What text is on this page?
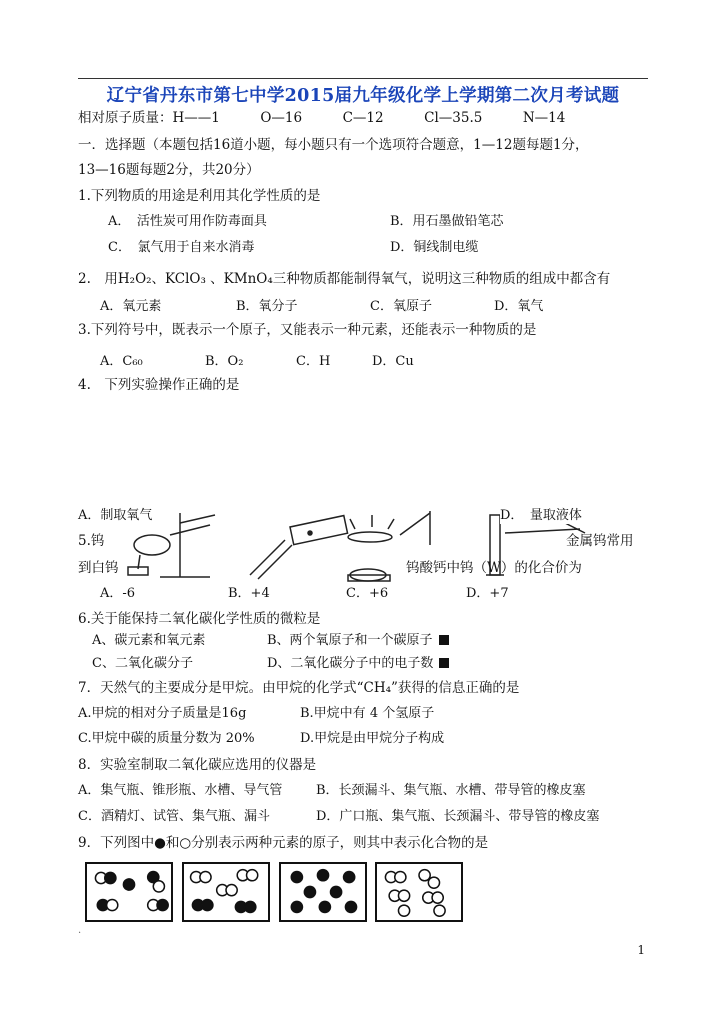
辽宁省丹东市第七中学2015届九年级化学上学期第二次月考试题
相对原子质量：H——1　　　O—16　　　C—12　　　Cl—35.5　　　N—14
一．选择题（本题包括16道小题，每小题只有一个选项符合题意，1—12题每题1分，
13—16题每题2分，共20分）
1.下列物质的用途是利用其化学性质的是
A．　活性炭可用作防毒面具	B．用石墨做铅笔芯
C．　氯气用于自来水消毒	D．铜线制电缆
2.　用H₂O₂、KClO₃ 、KMnO₄三种物质都能制得氧气，说明这三种物质的组成中都含有
A．氧元素	B．氧分子	C．氧原子	D．氧气
3.下列符号中，既表示一个原子，又能表示一种元素，还能表示一种物质的是
A．C₆₀	B．O₂	C．H	D．Cu
4.　下列实验操作正确的是
A．制取氧气	D．　量取液体
5.钨	金属钨常用
到白钨	钨酸钙中钨（W）的化合价为
A．-6	B．+4	C．+6	D．+7
6.关于能保持二氧化碳化学性质的微粒是
A、碳元素和氧元素	B、两个氧原子和一个碳原子
C、二氧化碳分子	D、二氧化碳分子中的电子数
7．天然气的主要成分是甲烷。由甲烷的化学式“CH₄”获得的信息正确的是
A.甲烷的相对分子质量是16g	B.甲烷中有 4 个氢原子
C.甲烷中碳的质量分数为 20%	D.甲烷是由甲烷分子构成
8．实验室制取二氧化碳应选用的仪器是
A．集气瓶、锥形瓶、水槽、导气管	B．长颈漏斗、集气瓶、水槽、带导管的橡皮塞
C．酒精灯、试管、集气瓶、漏斗	D．广口瓶、集气瓶、长颈漏斗、带导管的橡皮塞
9．下列图中●和○分别表示两种元素的原子，则其中表示化合物的是
.
1
